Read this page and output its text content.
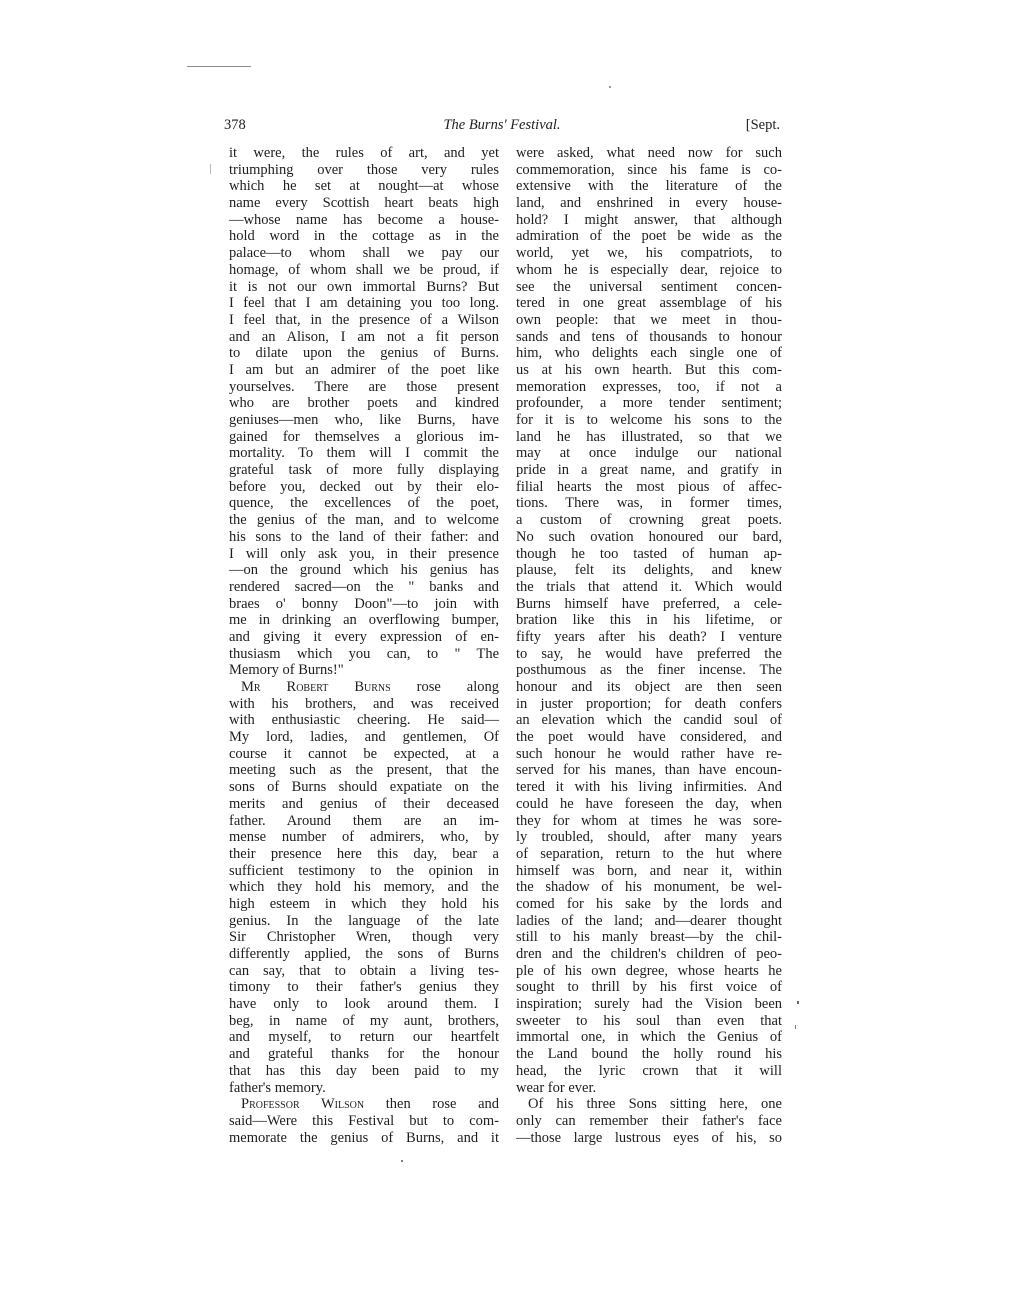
378	The Burns' Festival.	[Sept.
it were, the rules of art, and yet
triumphing over those very rules
which he set at nought—at whose
name every Scottish heart beats high
—whose name has become a house-
hold word in the cottage as in the
palace—to whom shall we pay our
homage, of whom shall we be proud, if
it is not our own immortal Burns? But
I feel that I am detaining you too long.
I feel that, in the presence of a Wilson
and an Alison, I am not a fit person
to dilate upon the genius of Burns.
I am but an admirer of the poet like
yourselves. There are those present
who are brother poets and kindred
geniuses—men who, like Burns, have
gained for themselves a glorious im-
mortality. To them will I commit the
grateful task of more fully displaying
before you, decked out by their elo-
quence, the excellences of the poet,
the genius of the man, and to welcome
his sons to the land of their father: and
I will only ask you, in their presence
—on the ground which his genius has
rendered sacred—on the " banks and
braes o' bonny Doon"—to join with
me in drinking an overflowing bumper,
and giving it every expression of en-
thusiasm which you can, to " The
Memory of Burns!"
Mr Robert Burns rose along
with his brothers, and was received
with enthusiastic cheering. He said—
My lord, ladies, and gentlemen, Of
course it cannot be expected, at a
meeting such as the present, that the
sons of Burns should expatiate on the
merits and genius of their deceased
father. Around them are an im-
mense number of admirers, who, by
their presence here this day, bear a
sufficient testimony to the opinion in
which they hold his memory, and the
high esteem in which they hold his
genius. In the language of the late
Sir Christopher Wren, though very
differently applied, the sons of Burns
can say, that to obtain a living tes-
timony to their father's genius they
have only to look around them. I
beg, in name of my aunt, brothers,
and myself, to return our heartfelt
and grateful thanks for the honour
that has this day been paid to my
father's memory.
Professor Wilson then rose and
said—Were this Festival but to com-
memorate the genius of Burns, and it
were asked, what need now for such
commemoration, since his fame is co-
extensive with the literature of the
land, and enshrined in every house-
hold? I might answer, that although
admiration of the poet be wide as the
world, yet we, his compatriots, to
whom he is especially dear, rejoice to
see the universal sentiment concen-
tered in one great assemblage of his
own people: that we meet in thou-
sands and tens of thousands to honour
him, who delights each single one of
us at his own hearth. But this com-
memoration expresses, too, if not a
profounder, a more tender sentiment;
for it is to welcome his sons to the
land he has illustrated, so that we
may at once indulge our national
pride in a great name, and gratify in
filial hearts the most pious of affec-
tions. There was, in former times,
a custom of crowning great poets.
No such ovation honoured our bard,
though he too tasted of human ap-
plause, felt its delights, and knew
the trials that attend it. Which would
Burns himself have preferred, a cele-
bration like this in his lifetime, or
fifty years after his death? I venture
to say, he would have preferred the
posthumous as the finer incense. The
honour and its object are then seen
in juster proportion; for death confers
an elevation which the candid soul of
the poet would have considered, and
such honour he would rather have re-
served for his manes, than have encoun-
tered it with his living infirmities. And
could he have foreseen the day, when
they for whom at times he was sore-
ly troubled, should, after many years
of separation, return to the hut where
himself was born, and near it, within
the shadow of his monument, be wel-
comed for his sake by the lords and
ladies of the land; and—dearer thought
still to his manly breast—by the chil-
dren and the children's children of peo-
ple of his own degree, whose hearts he
sought to thrill by his first voice of
inspiration; surely had the Vision been
sweeter to his soul than even that
immortal one, in which the Genius of
the Land bound the holly round his
head, the lyric crown that it will
wear for ever.
Of his three Sons sitting here, one
only can remember their father's face
—those large lustrous eyes of his, so
